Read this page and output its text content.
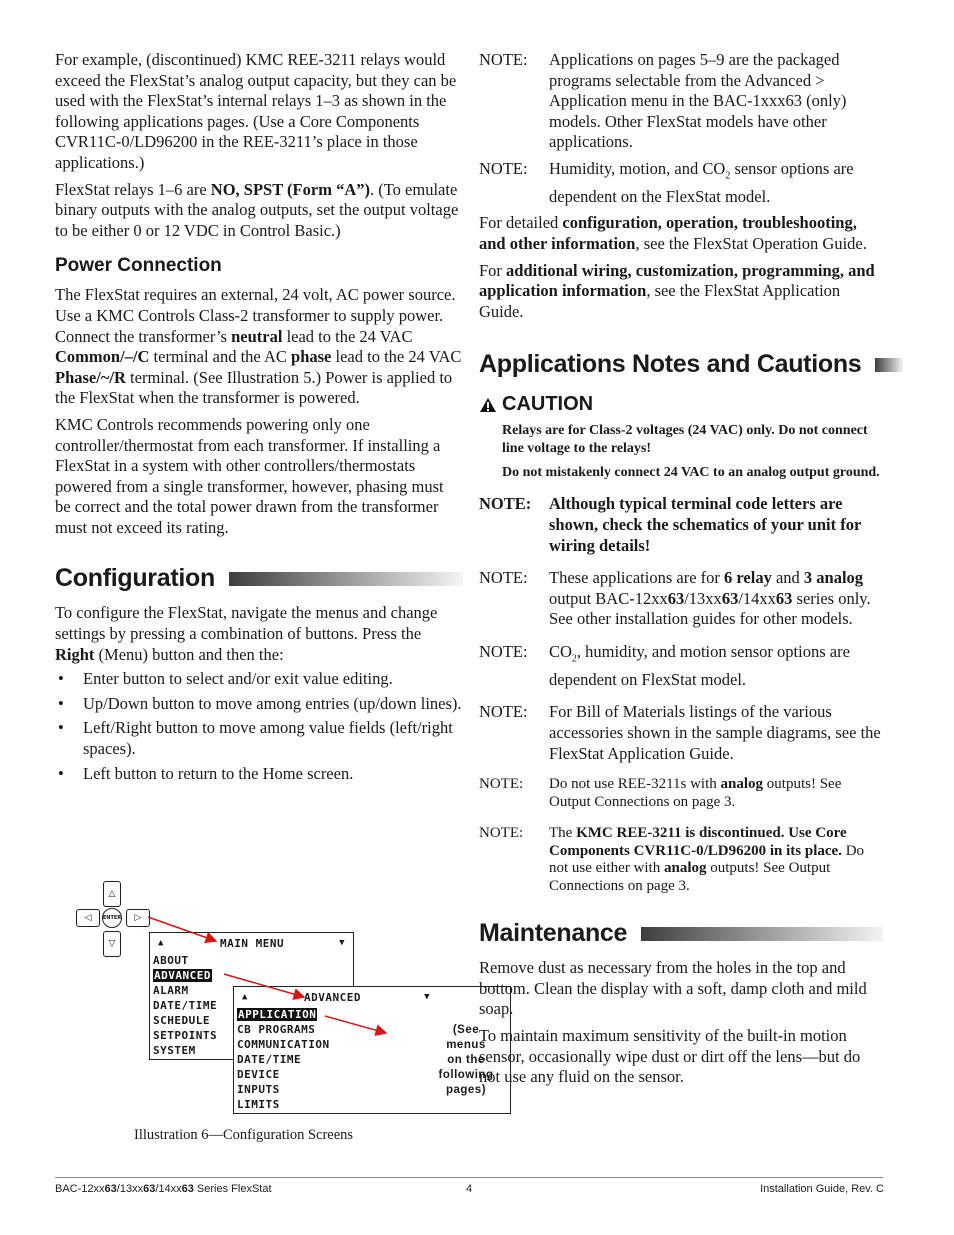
For example, (discontinued) KMC REE-3211 relays would exceed the FlexStat’s analog output capacity, but they can be used with the FlexStat’s internal relays 1–3 as shown in the following applications pages. (Use a Core Components CVR11C-0/LD96200 in the REE-3211’s place in those applications.)

FlexStat relays 1–6 are NO, SPST (Form “A”). (To emulate binary outputs with the analog outputs, set the output voltage to be either 0 or 12 VDC in Control Basic.)

Power Connection

The FlexStat requires an external, 24 volt, AC power source. Use a KMC Controls Class-2 transformer to supply power. Connect the transformer’s neutral lead to the 24 VAC Common/–/C terminal and the AC phase lead to the 24 VAC Phase/~/R terminal. (See Illustration 5.) Power is applied to the FlexStat when the transformer is powered.

KMC Controls recommends powering only one controller/thermostat from each transformer. If installing a FlexStat in a system with other controllers/thermostats powered from a single transformer, however, phasing must be correct and the total power drawn from the transformer must not exceed its rating.

Configuration

To configure the FlexStat, navigate the menus and change settings by pressing a combination of buttons. Press the Right (Menu) button and then the:

• Enter button to select and/or exit value editing.
• Up/Down button to move among entries (up/down lines).
• Left/Right button to move among value fields (left/right spaces).
• Left button to return to the Home screen.
△
◁ ENTER ▷
▽	▲	MAIN MENU	▼
ABOUT
ADVANCED
ALARM
DATE/TIME
SCHEDULE
SETPOINTS
SYSTEM
▲	ADVANCED	▼
APPLICATION
CB PROGRAMS
COMMUNICATION
DATE/TIME
DEVICE
INPUTS
LIMITS
(See
menus
on the
following
pages)
Illustration 6—Configuration Screens
NOTE:	Applications on pages 5–9 are the packaged programs selectable from the Advanced > Application menu in the BAC-1xxx63 (only) models. Other FlexStat models have other applications.
NOTE:	Humidity, motion, and $CO_2$ sensor options are dependent on the FlexStat model.

For detailed configuration, operation, troubleshooting, and other information, see the FlexStat Operation Guide.

For additional wiring, customization, programming, and application information, see the FlexStat Application Guide.

Applications Notes and Cautions
CAUTION

Relays are for Class-2 voltages (24 VAC) only. Do not connect line voltage to the relays!

Do not mistakenly connect 24 VAC to an analog output ground.

NOTE:	Although typical terminal code letters are shown, check the schematics of your unit for wiring details!
NOTE:	These applications are for 6 relay and 3 analog output BAC-12xx63/13xx63/14xx63 series only. See other installation guides for other models.
NOTE:	$CO_2$, humidity, and motion sensor options are dependent on FlexStat model.
NOTE:	For Bill of Materials listings of the various accessories shown in the sample diagrams, see the FlexStat Application Guide.
NOTE:	Do not use REE-3211s with analog outputs! See Output Connections on page 3.
NOTE:	The KMC REE-3211 is discontinued. Use Core Components CVR11C-0/LD96200 in its place. Do not use either with analog outputs! See Output Connections on page 3.
Maintenance

Remove dust as necessary from the holes in the top and bottom. Clean the display with a soft, damp cloth and mild soap.

To maintain maximum sensitivity of the built-in motion sensor, occasionally wipe dust or dirt off the lens—but do not use any fluid on the sensor.

BAC-12xx63/13xx63/14xx63 Series FlexStat	4	Installation Guide, Rev. C
